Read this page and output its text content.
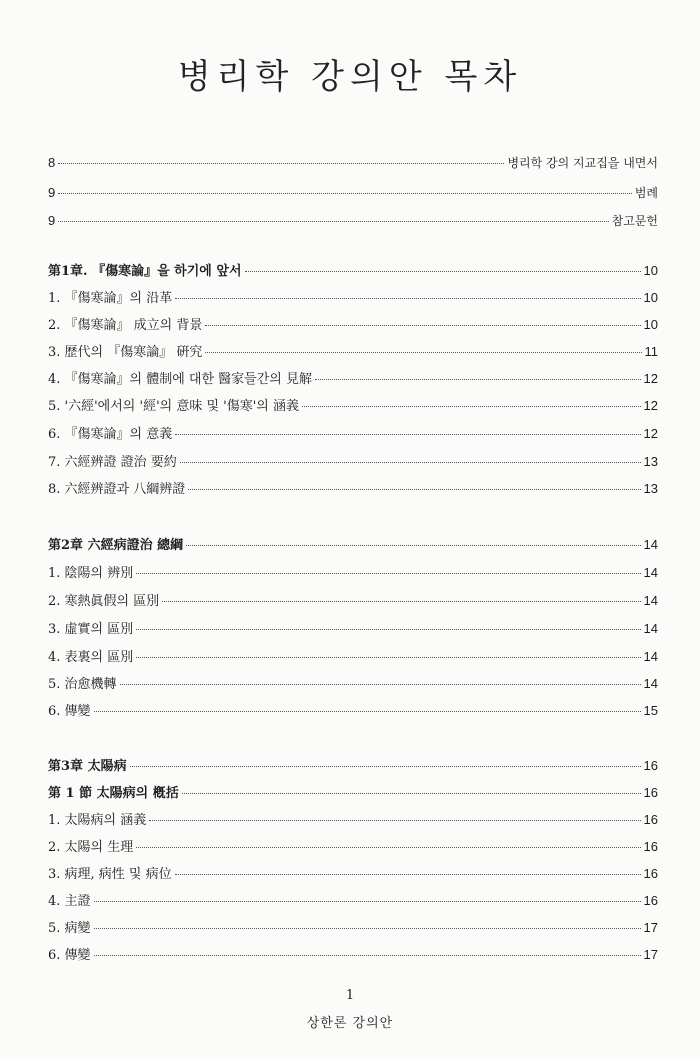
병리학 강의안 목차
8	병리학 강의 지교집을 내면서
9	범례
9	참고문헌
第1章. 『傷寒論』을 하기에 앞서	10
1. 『傷寒論』의 沿革	10
2. 『傷寒論』 成立의 背景	10
3. 歷代의 『傷寒論』 硏究	11
4. 『傷寒論』의 體制에 대한 醫家들간의 見解	12
5. '六經'에서의 '經'의 意味 및 '傷寒'의 涵義	12
6. 『傷寒論』의 意義	12
7. 六經辨證 證治 要約	13
8. 六經辨證과 八綱辨證	13
第2章 六經病證治 總綱	14
1. 陰陽의 辨別	14
2. 寒熱眞假의 區別	14
3. 虛實의 區別	14
4. 表裏의 區別	14
5. 治愈機轉	14
6. 傳變	15
第3章 太陽病	16
第 1 節 太陽病의 槪括	16
1. 太陽病의 涵義	16
2. 太陽의 生理	16
3. 病理, 病性 및 病位	16
4. 主證	16
5. 病變	17
6. 傳變	17
1
상한론 강의안
